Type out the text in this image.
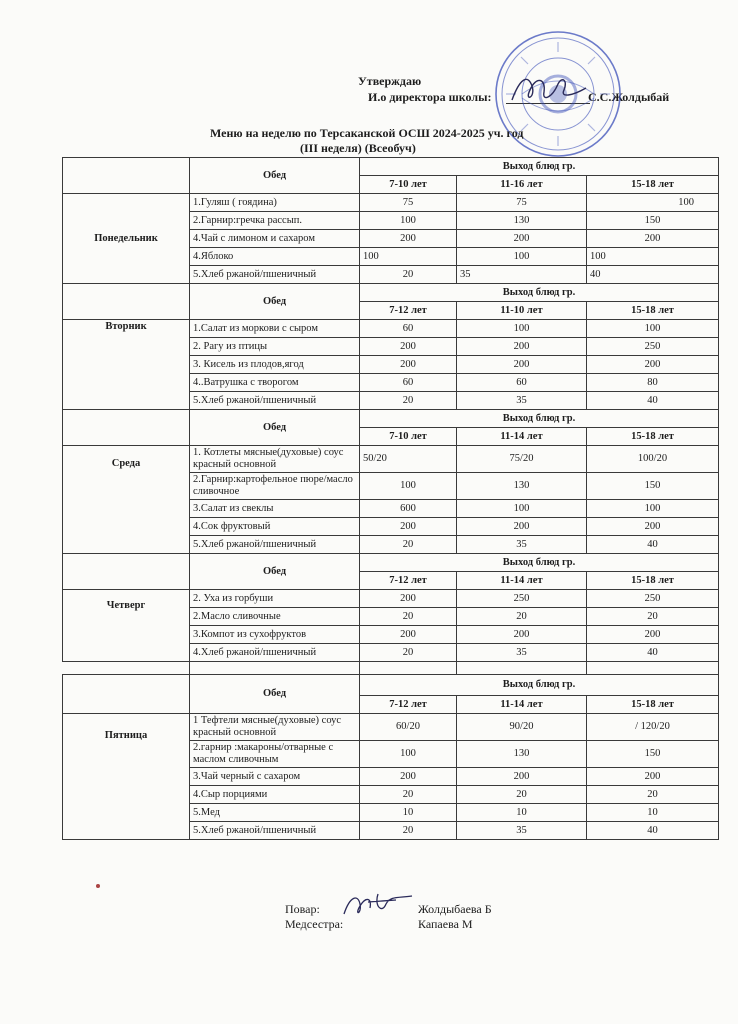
Утверждаю
И.о директора школы:	С.С.Жолдыбай
Меню на неделю по Терсаканской ОСШ 2024-2025 уч. год
(III неделя) (Всеобуч)
	Обед	Выход блюд гр.		
		7-10 лет	11-16 лет	15-18 лет
Понедельник	1.Гуляш ( гоядина)	75	75	100
	2.Гарнир:гречка рассып.	100	130	150
	4.Чай с лимоном и сахаром	200	200	200
	4.Яблоко	100	100	100
	5.Хлеб ржаной/пшеничный	20	35	40
	Обед	Выход блюд гр.		
		7-12 лет	11-10 лет	15-18 лет
Вторник	1.Салат из моркови с сыром	60	100	100
	2. Рагу из птицы	200	200	250
	3. Кисель из плодов,ягод	200	200	200
	4..Ватрушка с творогом	60	60	80
	5.Хлеб ржаной/пшеничный	20	35	40
	Обед	Выход блюд гр.		
		7-10 лет	11-14 лет	15-18 лет
Среда	1. Котлеты мясные(духовые) соус красный основной	50/20	75/20	100/20
	2.Гарнир:картофельное пюре/масло сливочное	100	130	150
	3.Салат из свеклы	600	100	100
	4.Сок фруктовый	200	200	200
	5.Хлеб ржаной/пшеничный	20	35	40
	Обед	Выход блюд гр.		
		7-12 лет	11-14 лет	15-18 лет
Четверг	2. Уха из горбуши	200	250	250
	2.Масло сливочные	20	20	20
	3.Компот из сухофруктов	200	200	200
	4.Хлеб ржаной/пшеничный	20	35	40

	Обед	Выход блюд гр.		
		7-12 лет	11-14 лет	15-18 лет
Пятница	1 Тефтели мясные(духовые) соус красный основной	60/20	90/20	/ 120/20
	2.гарнир :макароны/отварные с маслом сливочным	100	130	150
	3.Чай черный с сахаром	200	200	200
	4.Сыр порциями	20	20	20
	5.Мед	10	10	10
	5.Хлеб ржаной/пшеничный	20	35	40
Повар:
Медсестра:
Жолдыбаева Б
Капаева М
